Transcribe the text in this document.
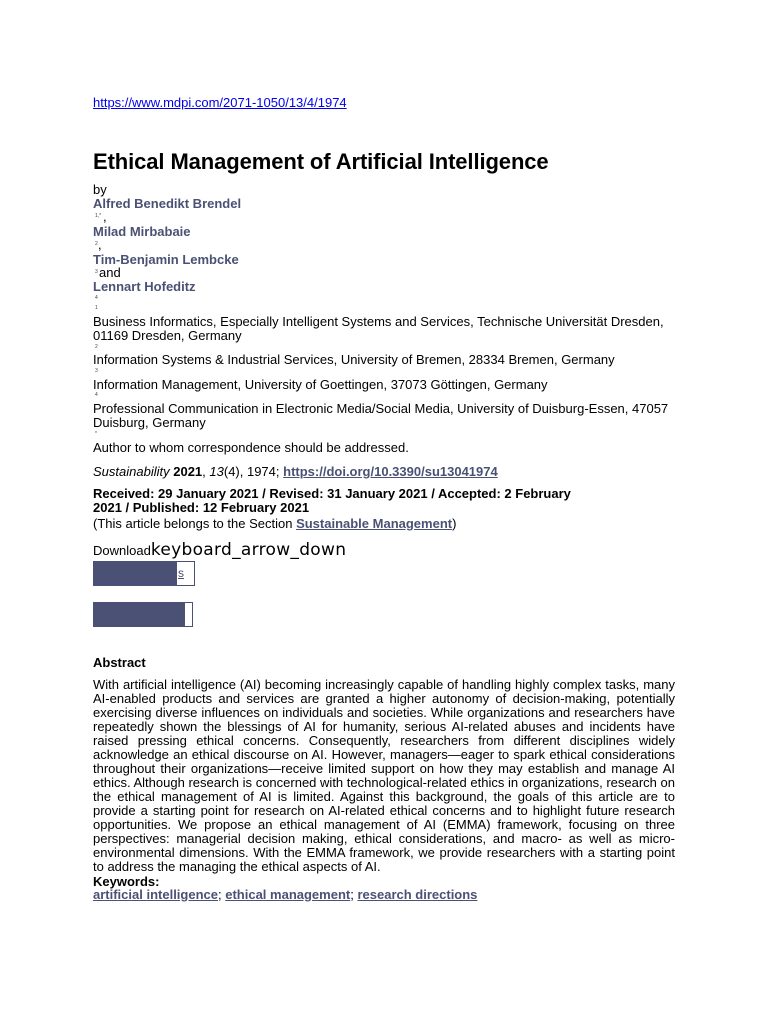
https://www.mdpi.com/2071-1050/13/4/1974
Ethical Management of Artificial Intelligence
by
Alfred Benedikt Brendel
1,* ,
Milad Mirbabaie
2 ,
Tim-Benjamin Lembcke
3 and
Lennart Hofeditz
4
1
Business Informatics, Especially Intelligent Systems and Services, Technische Universität Dresden, 01169 Dresden, Germany
2
Information Systems & Industrial Services, University of Bremen, 28334 Bremen, Germany
3
Information Management, University of Goettingen, 37073 Göttingen, Germany
4
Professional Communication in Electronic Media/Social Media, University of Duisburg-Essen, 47057 Duisburg, Germany
*
Author to whom correspondence should be addressed.
Sustainability 2021, 13(4), 1974; https://doi.org/10.3390/su13041974
Received: 29 January 2021 / Revised: 31 January 2021 / Accepted: 2 February 2021 / Published: 12 February 2021
(This article belongs to the Section Sustainable Management)
Downloadkeyboard_arrow_down
s
Abstract
With artificial intelligence (AI) becoming increasingly capable of handling highly complex tasks, many AI-enabled products and services are granted a higher autonomy of decision-making, potentially exercising diverse influences on individuals and societies. While organizations and researchers have repeatedly shown the blessings of AI for humanity, serious AI-related abuses and incidents have raised pressing ethical concerns. Consequently, researchers from different disciplines widely acknowledge an ethical discourse on AI. However, managers—eager to spark ethical considerations throughout their organizations—receive limited support on how they may establish and manage AI ethics. Although research is concerned with technological-related ethics in organizations, research on the ethical management of AI is limited. Against this background, the goals of this article are to provide a starting point for research on AI-related ethical concerns and to highlight future research opportunities. We propose an ethical management of AI (EMMA) framework, focusing on three perspectives: managerial decision making, ethical considerations, and macro- as well as micro-environmental dimensions. With the EMMA framework, we provide researchers with a starting point to address the managing the ethical aspects of AI.
Keywords:
artificial intelligence; ethical management; research directions
